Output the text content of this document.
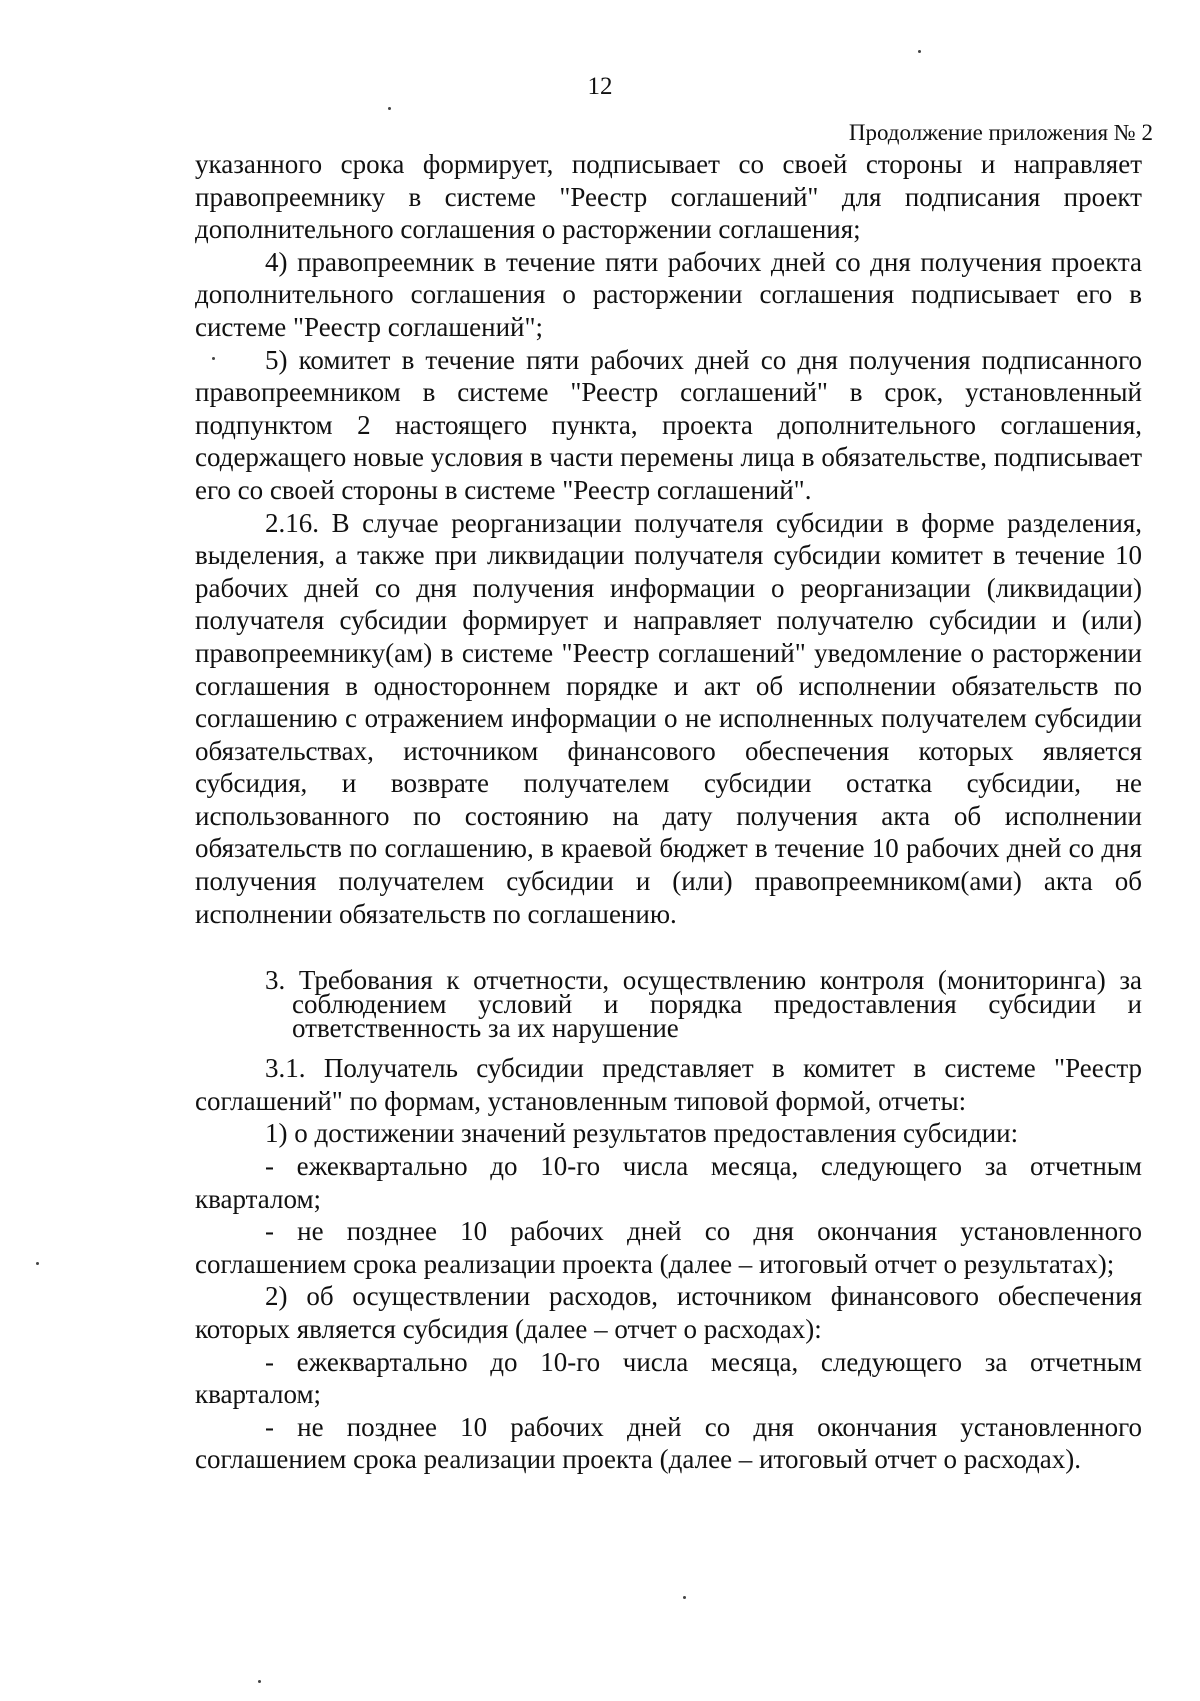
12
Продолжение приложения № 2

указанного срока формирует, подписывает со своей стороны и направляет правопреемнику в системе "Реестр соглашений" для подписания проект дополнительного соглашения о расторжении соглашения;

4) правопреемник в течение пяти рабочих дней со дня получения проекта дополнительного соглашения о расторжении соглашения подписывает его в системе "Реестр соглашений";

5) комитет в течение пяти рабочих дней со дня получения подписанного правопреемником в системе "Реестр соглашений" в срок, установленный подпунктом 2 настоящего пункта, проекта дополнительного соглашения, содержащего новые условия в части перемены лица в обязательстве, подписывает его со своей стороны в системе "Реестр соглашений".

2.16. В случае реорганизации получателя субсидии в форме разделения, выделения, а также при ликвидации получателя субсидии комитет в течение 10 рабочих дней со дня получения информации о реорганизации (ликвидации) получателя субсидии формирует и направляет получателю субсидии и (или) правопреемнику(ам) в системе "Реестр соглашений" уведомление о расторжении соглашения в одностороннем порядке и акт об исполнении обязательств по соглашению с отражением информации о не исполненных получателем субсидии обязательствах, источником финансового обеспечения которых является субсидия, и возврате получателем субсидии остатка субсидии, не использованного по состоянию на дату получения акта об исполнении обязательств по соглашению, в краевой бюджет в течение 10 рабочих дней со дня получения получателем субсидии и (или) правопреемником(ами) акта об исполнении обязательств по соглашению.

3. Требования к отчетности, осуществлению контроля (мониторинга) за соблюдением условий и порядка предоставления субсидии и ответственность за их нарушение

3.1. Получатель субсидии представляет в комитет в системе "Реестр соглашений" по формам, установленным типовой формой, отчеты:

1) о достижении значений результатов предоставления субсидии:

- ежеквартально до 10-го числа месяца, следующего за отчетным кварталом;

- не позднее 10 рабочих дней со дня окончания установленного соглашением срока реализации проекта (далее – итоговый отчет о результатах);

2) об осуществлении расходов, источником финансового обеспечения которых является субсидия (далее – отчет о расходах):

- ежеквартально до 10-го числа месяца, следующего за отчетным кварталом;

- не позднее 10 рабочих дней со дня окончания установленного соглашением срока реализации проекта (далее – итоговый отчет о расходах).
